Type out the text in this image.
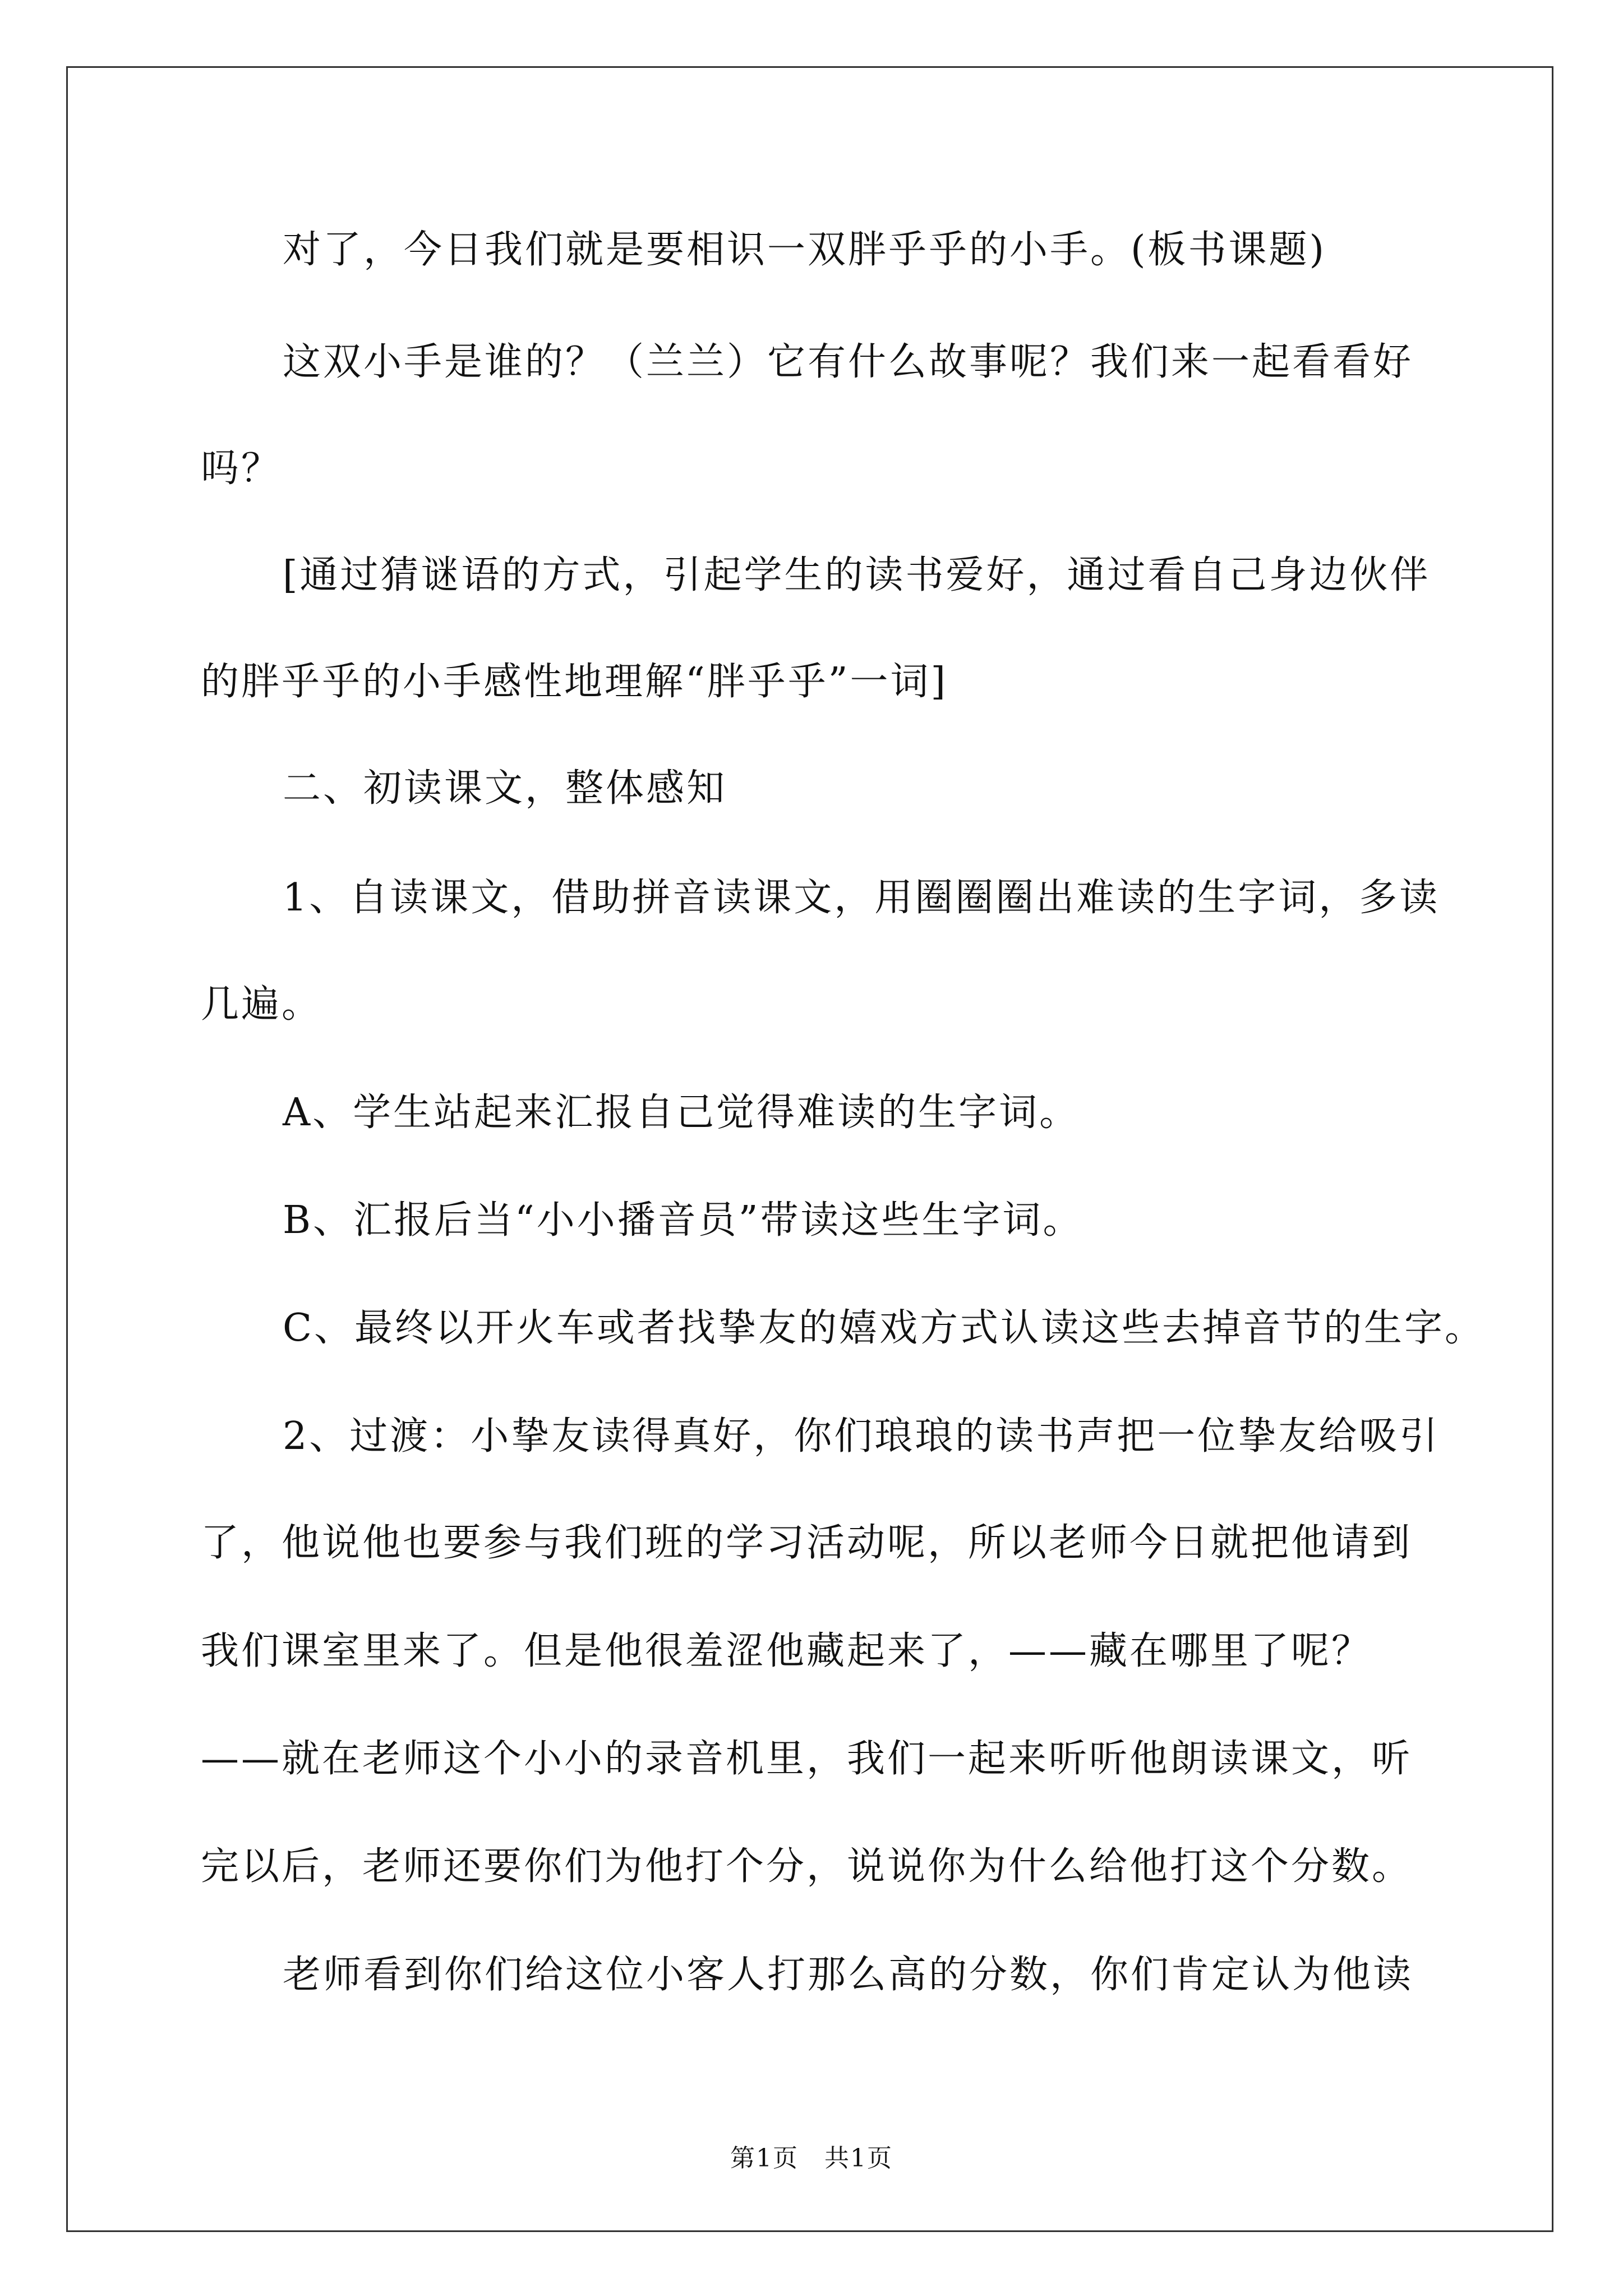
对了，今日我们就是要相识一双胖乎乎的小手。(板书课题)
这双小手是谁的？（兰兰）它有什么故事呢？我们来一起看看好
吗？
[通过猜谜语的方式，引起学生的读书爱好，通过看自己身边伙伴
的胖乎乎的小手感性地理解“胖乎乎”一词]
二、初读课文，整体感知
1、自读课文，借助拼音读课文，用圈圈圈出难读的生字词，多读
几遍。
A、学生站起来汇报自己觉得难读的生字词。
B、汇报后当“小小播音员”带读这些生字词。
C、最终以开火车或者找挚友的嬉戏方式认读这些去掉音节的生字。
2、过渡：小挚友读得真好，你们琅琅的读书声把一位挚友给吸引
了，他说他也要参与我们班的学习活动呢，所以老师今日就把他请到
我们课室里来了。但是他很羞涩他藏起来了，——藏在哪里了呢？
——就在老师这个小小的录音机里，我们一起来听听他朗读课文，听
完以后，老师还要你们为他打个分，说说你为什么给他打这个分数。
老师看到你们给这位小客人打那么高的分数，你们肯定认为他读
第1页　共1页
